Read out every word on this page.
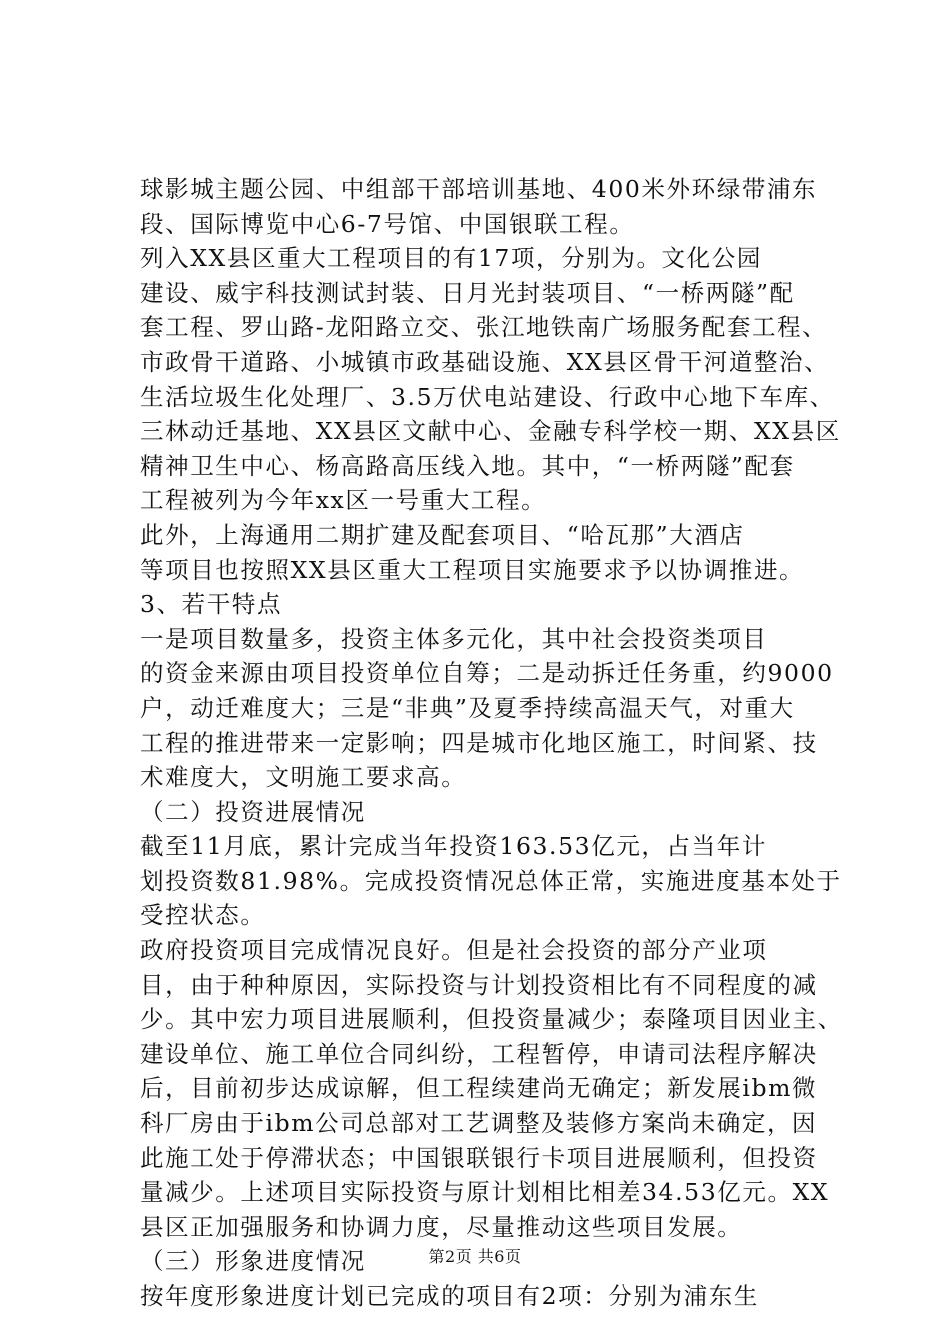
球影城主题公园、中组部干部培训基地、400米外环绿带浦东
段、国际博览中心6-7号馆、中国银联工程。
列入XX县区重大工程项目的有17项，分别为。文化公园
建设、威宇科技测试封装、日月光封装项目、“一桥两隧”配
套工程、罗山路-龙阳路立交、张江地铁南广场服务配套工程、
市政骨干道路、小城镇市政基础设施、XX县区骨干河道整治、
生活垃圾生化处理厂、3.5万伏电站建设、行政中心地下车库、
三林动迁基地、XX县区文献中心、金融专科学校一期、XX县区
精神卫生中心、杨高路高压线入地。其中，“一桥两隧”配套
工程被列为今年xx区一号重大工程。
此外，上海通用二期扩建及配套项目、“哈瓦那”大酒店
等项目也按照XX县区重大工程项目实施要求予以协调推进。
3、若干特点
一是项目数量多，投资主体多元化，其中社会投资类项目
的资金来源由项目投资单位自筹；二是动拆迁任务重，约9000
户，动迁难度大；三是“非典”及夏季持续高温天气，对重大
工程的推进带来一定影响；四是城市化地区施工，时间紧、技
术难度大，文明施工要求高。
（二）投资进展情况
截至11月底，累计完成当年投资163.53亿元，占当年计
划投资数81.98%。完成投资情况总体正常，实施进度基本处于
受控状态。
政府投资项目完成情况良好。但是社会投资的部分产业项
目，由于种种原因，实际投资与计划投资相比有不同程度的减
少。其中宏力项目进展顺利，但投资量减少；泰隆项目因业主、
建设单位、施工单位合同纠纷，工程暂停，申请司法程序解决
后，目前初步达成谅解，但工程续建尚无确定；新发展ibm微
科厂房由于ibm公司总部对工艺调整及装修方案尚未确定，因
此施工处于停滞状态；中国银联银行卡项目进展顺利，但投资
量减少。上述项目实际投资与原计划相比相差34.53亿元。XX
县区正加强服务和协调力度，尽量推动这些项目发展。
（三）形象进度情况
按年度形象进度计划已完成的项目有2项：分别为浦东生
第2页 共6页
